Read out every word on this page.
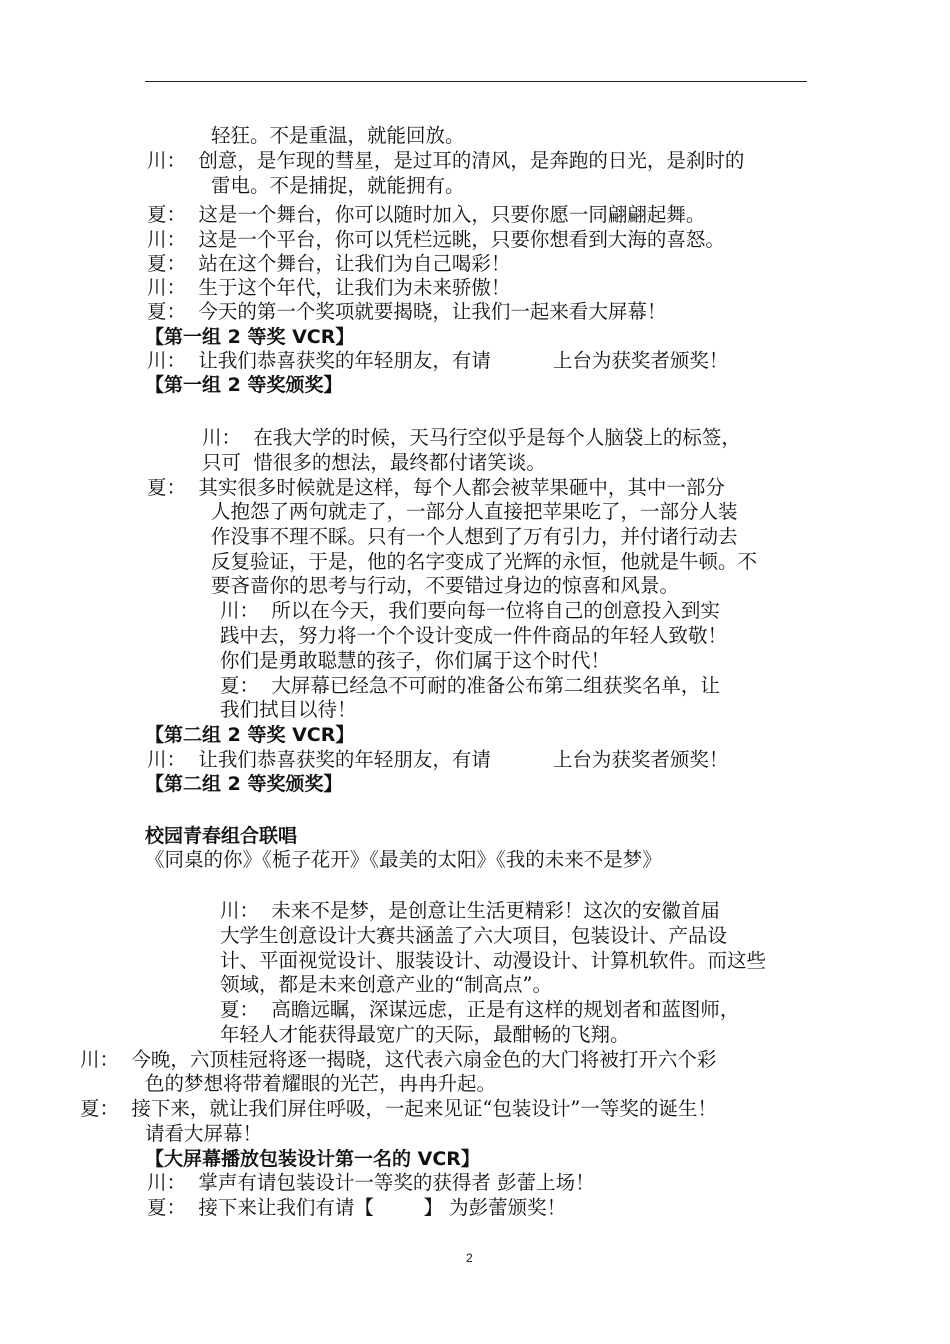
轻狂。不是重温，就能回放。
川：  创意，是乍现的彗星，是过耳的清风，是奔跑的日光，是刹时的
雷电。不是捕捉，就能拥有。
夏：  这是一个舞台，你可以随时加入，只要你愿一同翩翩起舞。
川：  这是一个平台，你可以凭栏远眺，只要你想看到大海的喜怒。
夏：  站在这个舞台，让我们为自己喝彩！
川：  生于这个年代，让我们为未来骄傲！
夏：  今天的第一个奖项就要揭晓，让我们一起来看大屏幕！
【第一组 2 等奖 VCR】
川：  让我们恭喜获奖的年轻朋友，有请          上台为获奖者颁奖！
【第一组 2 等奖颁奖】
川：  在我大学的时候，天马行空似乎是每个人脑袋上的标签，
只可  惜很多的想法，最终都付诸笑谈。
夏：  其实很多时候就是这样，每个人都会被苹果砸中，其中一部分
人抱怨了两句就走了，一部分人直接把苹果吃了，一部分人装
作没事不理不睬。只有一个人想到了万有引力，并付诸行动去
反复验证，于是，他的名字变成了光辉的永恒，他就是牛顿。不
要吝啬你的思考与行动，不要错过身边的惊喜和风景。
川：  所以在今天，我们要向每一位将自己的创意投入到实
践中去，努力将一个个设计变成一件件商品的年轻人致敬！
你们是勇敢聪慧的孩子，你们属于这个时代！
夏：  大屏幕已经急不可耐的准备公布第二组获奖名单，让
我们拭目以待！
【第二组 2 等奖 VCR】
川：  让我们恭喜获奖的年轻朋友，有请          上台为获奖者颁奖！
【第二组 2 等奖颁奖】
校园青春组合联唱
《同桌的你》《栀子花开》《最美的太阳》《我的未来不是梦》
川：  未来不是梦，是创意让生活更精彩！这次的安徽首届
大学生创意设计大赛共涵盖了六大项目，包装设计、产品设
计、平面视觉设计、服装设计、动漫设计、计算机软件。而这些
领域，都是未来创意产业的“制高点”。
夏：  高瞻远瞩，深谋远虑，正是有这样的规划者和蓝图师，
年轻人才能获得最宽广的天际，最酣畅的飞翔。
川：  今晚，六顶桂冠将逐一揭晓，这代表六扇金色的大门将被打开六个彩
色的梦想将带着耀眼的光芒，冉冉升起。
夏：  接下来，就让我们屏住呼吸，一起来见证“包装设计”一等奖的诞生！
请看大屏幕！
【大屏幕播放包装设计第一名的 VCR】
川：  掌声有请包装设计一等奖的获得者 彭蕾上场！
夏：  接下来让我们有请【        】 为彭蕾颁奖！
2
